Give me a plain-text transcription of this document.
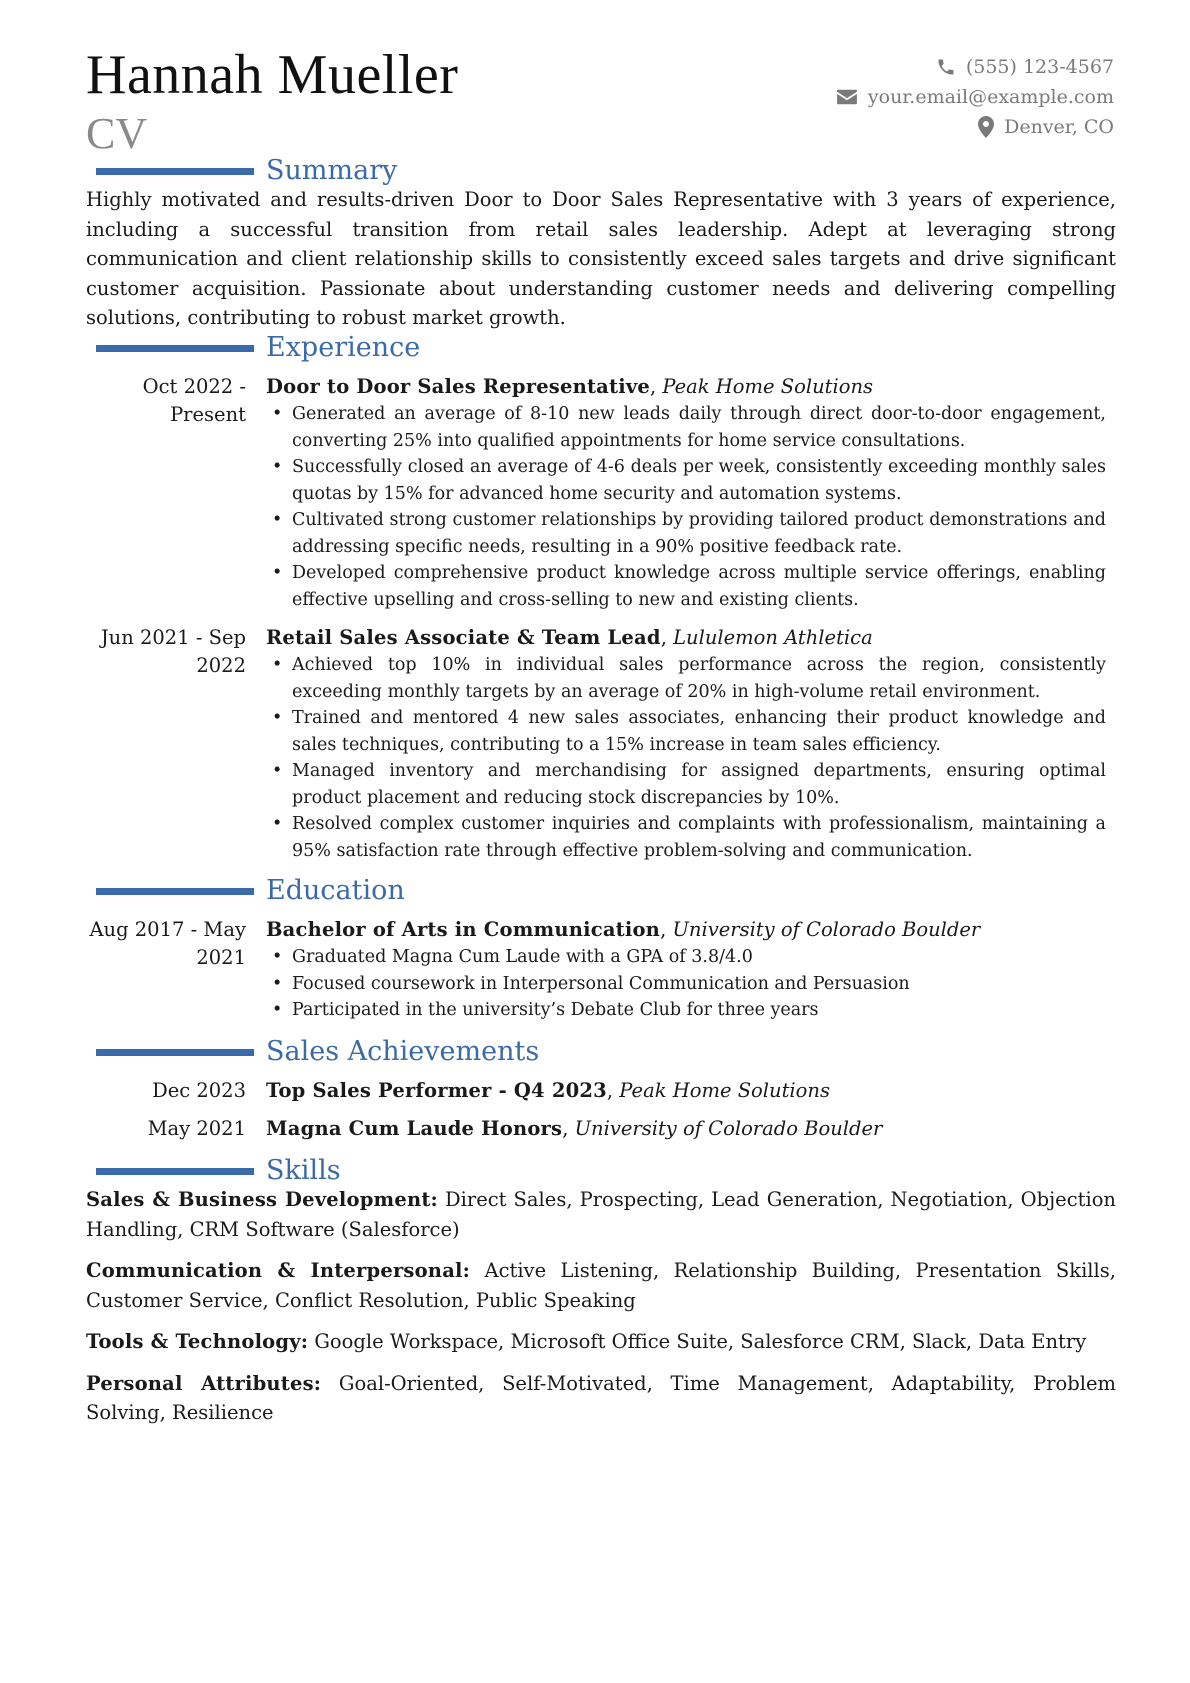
Hannah Mueller
CV
(555) 123-4567
your.email@example.com
Denver, CO
Summary
Highly motivated and results-driven Door to Door Sales Representative with 3 years of experience, including a successful transition from retail sales leadership. Adept at leveraging strong communication and client relationship skills to consistently exceed sales targets and drive significant customer acquisition. Passionate about understanding customer needs and delivering compelling solutions, contributing to robust market growth.
Experience
Oct 2022 - Present
Door to Door Sales Representative, Peak Home Solutions
• Generated an average of 8-10 new leads daily through direct door-to-door engagement, converting 25% into qualified appointments for home service consultations.
• Successfully closed an average of 4-6 deals per week, consistently exceeding monthly sales quotas by 15% for advanced home security and automation systems.
• Cultivated strong customer relationships by providing tailored product demonstrations and addressing specific needs, resulting in a 90% positive feedback rate.
• Developed comprehensive product knowledge across multiple service offerings, enabling effective upselling and cross-selling to new and existing clients.
Jun 2021 - Sep 2022
Retail Sales Associate & Team Lead, Lululemon Athletica
• Achieved top 10% in individual sales performance across the region, consistently exceeding monthly targets by an average of 20% in high-volume retail environment.
• Trained and mentored 4 new sales associates, enhancing their product knowledge and sales techniques, contributing to a 15% increase in team sales efficiency.
• Managed inventory and merchandising for assigned departments, ensuring optimal product placement and reducing stock discrepancies by 10%.
• Resolved complex customer inquiries and complaints with professionalism, maintaining a 95% satisfaction rate through effective problem-solving and communication.
Education
Aug 2017 - May 2021
Bachelor of Arts in Communication, University of Colorado Boulder
• Graduated Magna Cum Laude with a GPA of 3.8/4.0
• Focused coursework in Interpersonal Communication and Persuasion
• Participated in the university’s Debate Club for three years
Sales Achievements
Dec 2023 Top Sales Performer - Q4 2023, Peak Home Solutions
May 2021 Magna Cum Laude Honors, University of Colorado Boulder
Skills
Sales & Business Development: Direct Sales, Prospecting, Lead Generation, Negotiation, Objection Handling, CRM Software (Salesforce)
Communication & Interpersonal: Active Listening, Relationship Building, Presentation Skills, Customer Service, Conflict Resolution, Public Speaking
Tools & Technology: Google Workspace, Microsoft Office Suite, Salesforce CRM, Slack, Data Entry
Personal Attributes: Goal-Oriented, Self-Motivated, Time Management, Adaptability, Problem Solving, Resilience
